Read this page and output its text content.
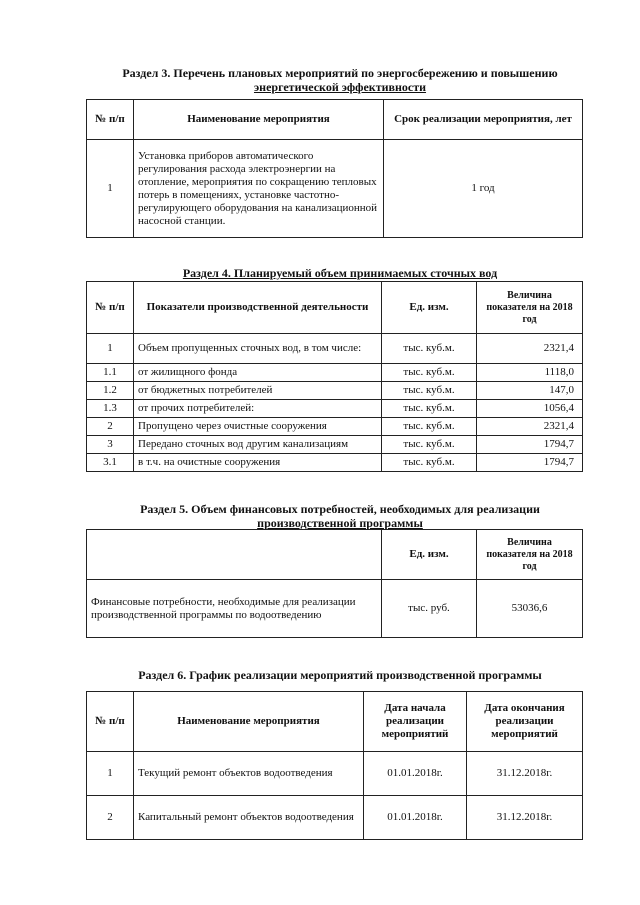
Раздел 3. Перечень плановых мероприятий по энергосбережению и повышению
энергетической эффективности
№ п/п	Наименование мероприятия	Срок реализации мероприятия, лет
1	Установка приборов автоматического регулирования расхода электроэнергии на отопление, мероприятия по сокращению тепловых потерь в помещениях, установке частотно-регулирующего оборудования на канализационной насосной станции.	1 год
Раздел 4. Планируемый объем принимаемых сточных вод
№ п/п	Показатели производственной деятельности	Ед. изм.	Величина показателя на 2018 год
1	Объем пропущенных сточных вод, в том числе:	тыс. куб.м.	2321,4
1.1	от жилищного фонда	тыс. куб.м.	1118,0
1.2	от бюджетных потребителей	тыс. куб.м.	147,0
1.3	от прочих потребителей:	тыс. куб.м.	1056,4
2	Пропущено через очистные сооружения	тыс. куб.м.	2321,4
3	Передано сточных вод другим канализациям	тыс. куб.м.	1794,7
3.1	в т.ч. на очистные сооружения	тыс. куб.м.	1794,7
Раздел 5. Объем финансовых потребностей, необходимых для реализации
производственной программы
	Ед. изм.	Величина показателя на 2018 год
Финансовые потребности, необходимые для реализации производственной программы по водоотведению	тыс. руб.	53036,6
Раздел 6. График реализации мероприятий производственной программы
№ п/п	Наименование мероприятия	Дата начала реализации мероприятий	Дата окончания реализации мероприятий
1	Текущий ремонт объектов водоотведения	01.01.2018г.	31.12.2018г.
2	Капитальный ремонт объектов водоотведения	01.01.2018г.	31.12.2018г.
